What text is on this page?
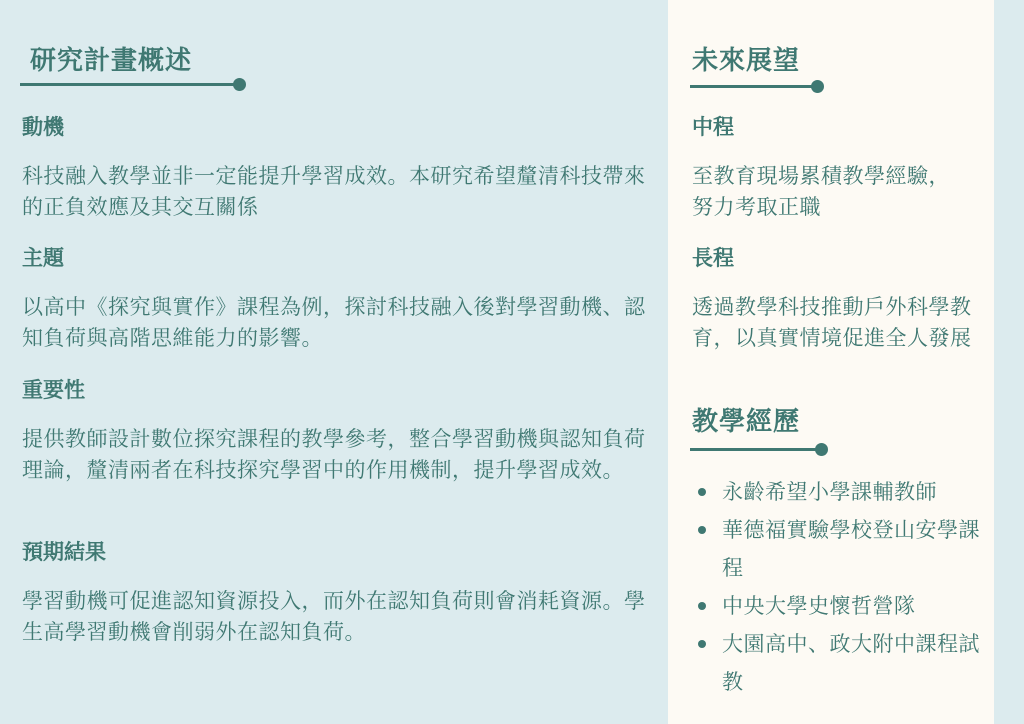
研究計畫概述
動機
科技融入教學並非一定能提升學習成效。本研究希望釐清科技帶來的正負效應及其交互關係
主題
以高中《探究與實作》課程為例，探討科技融入後對學習動機、認知負荷與高階思維能力的影響。
重要性
提供教師設計數位探究課程的教學參考，整合學習動機與認知負荷理論，釐清兩者在科技探究學習中的作用機制，提升學習成效。
預期結果
學習動機可促進認知資源投入，而外在認知負荷則會消耗資源。學生高學習動機會削弱外在認知負荷。
未來展望
中程
至教育現場累積教學經驗，努力考取正職
長程
透過教學科技推動戶外科學教育，以真實情境促進全人發展
教學經歷
永齡希望小學課輔教師
華德福實驗學校登山安學課程
中央大學史懷哲營隊
大園高中、政大附中課程試教
